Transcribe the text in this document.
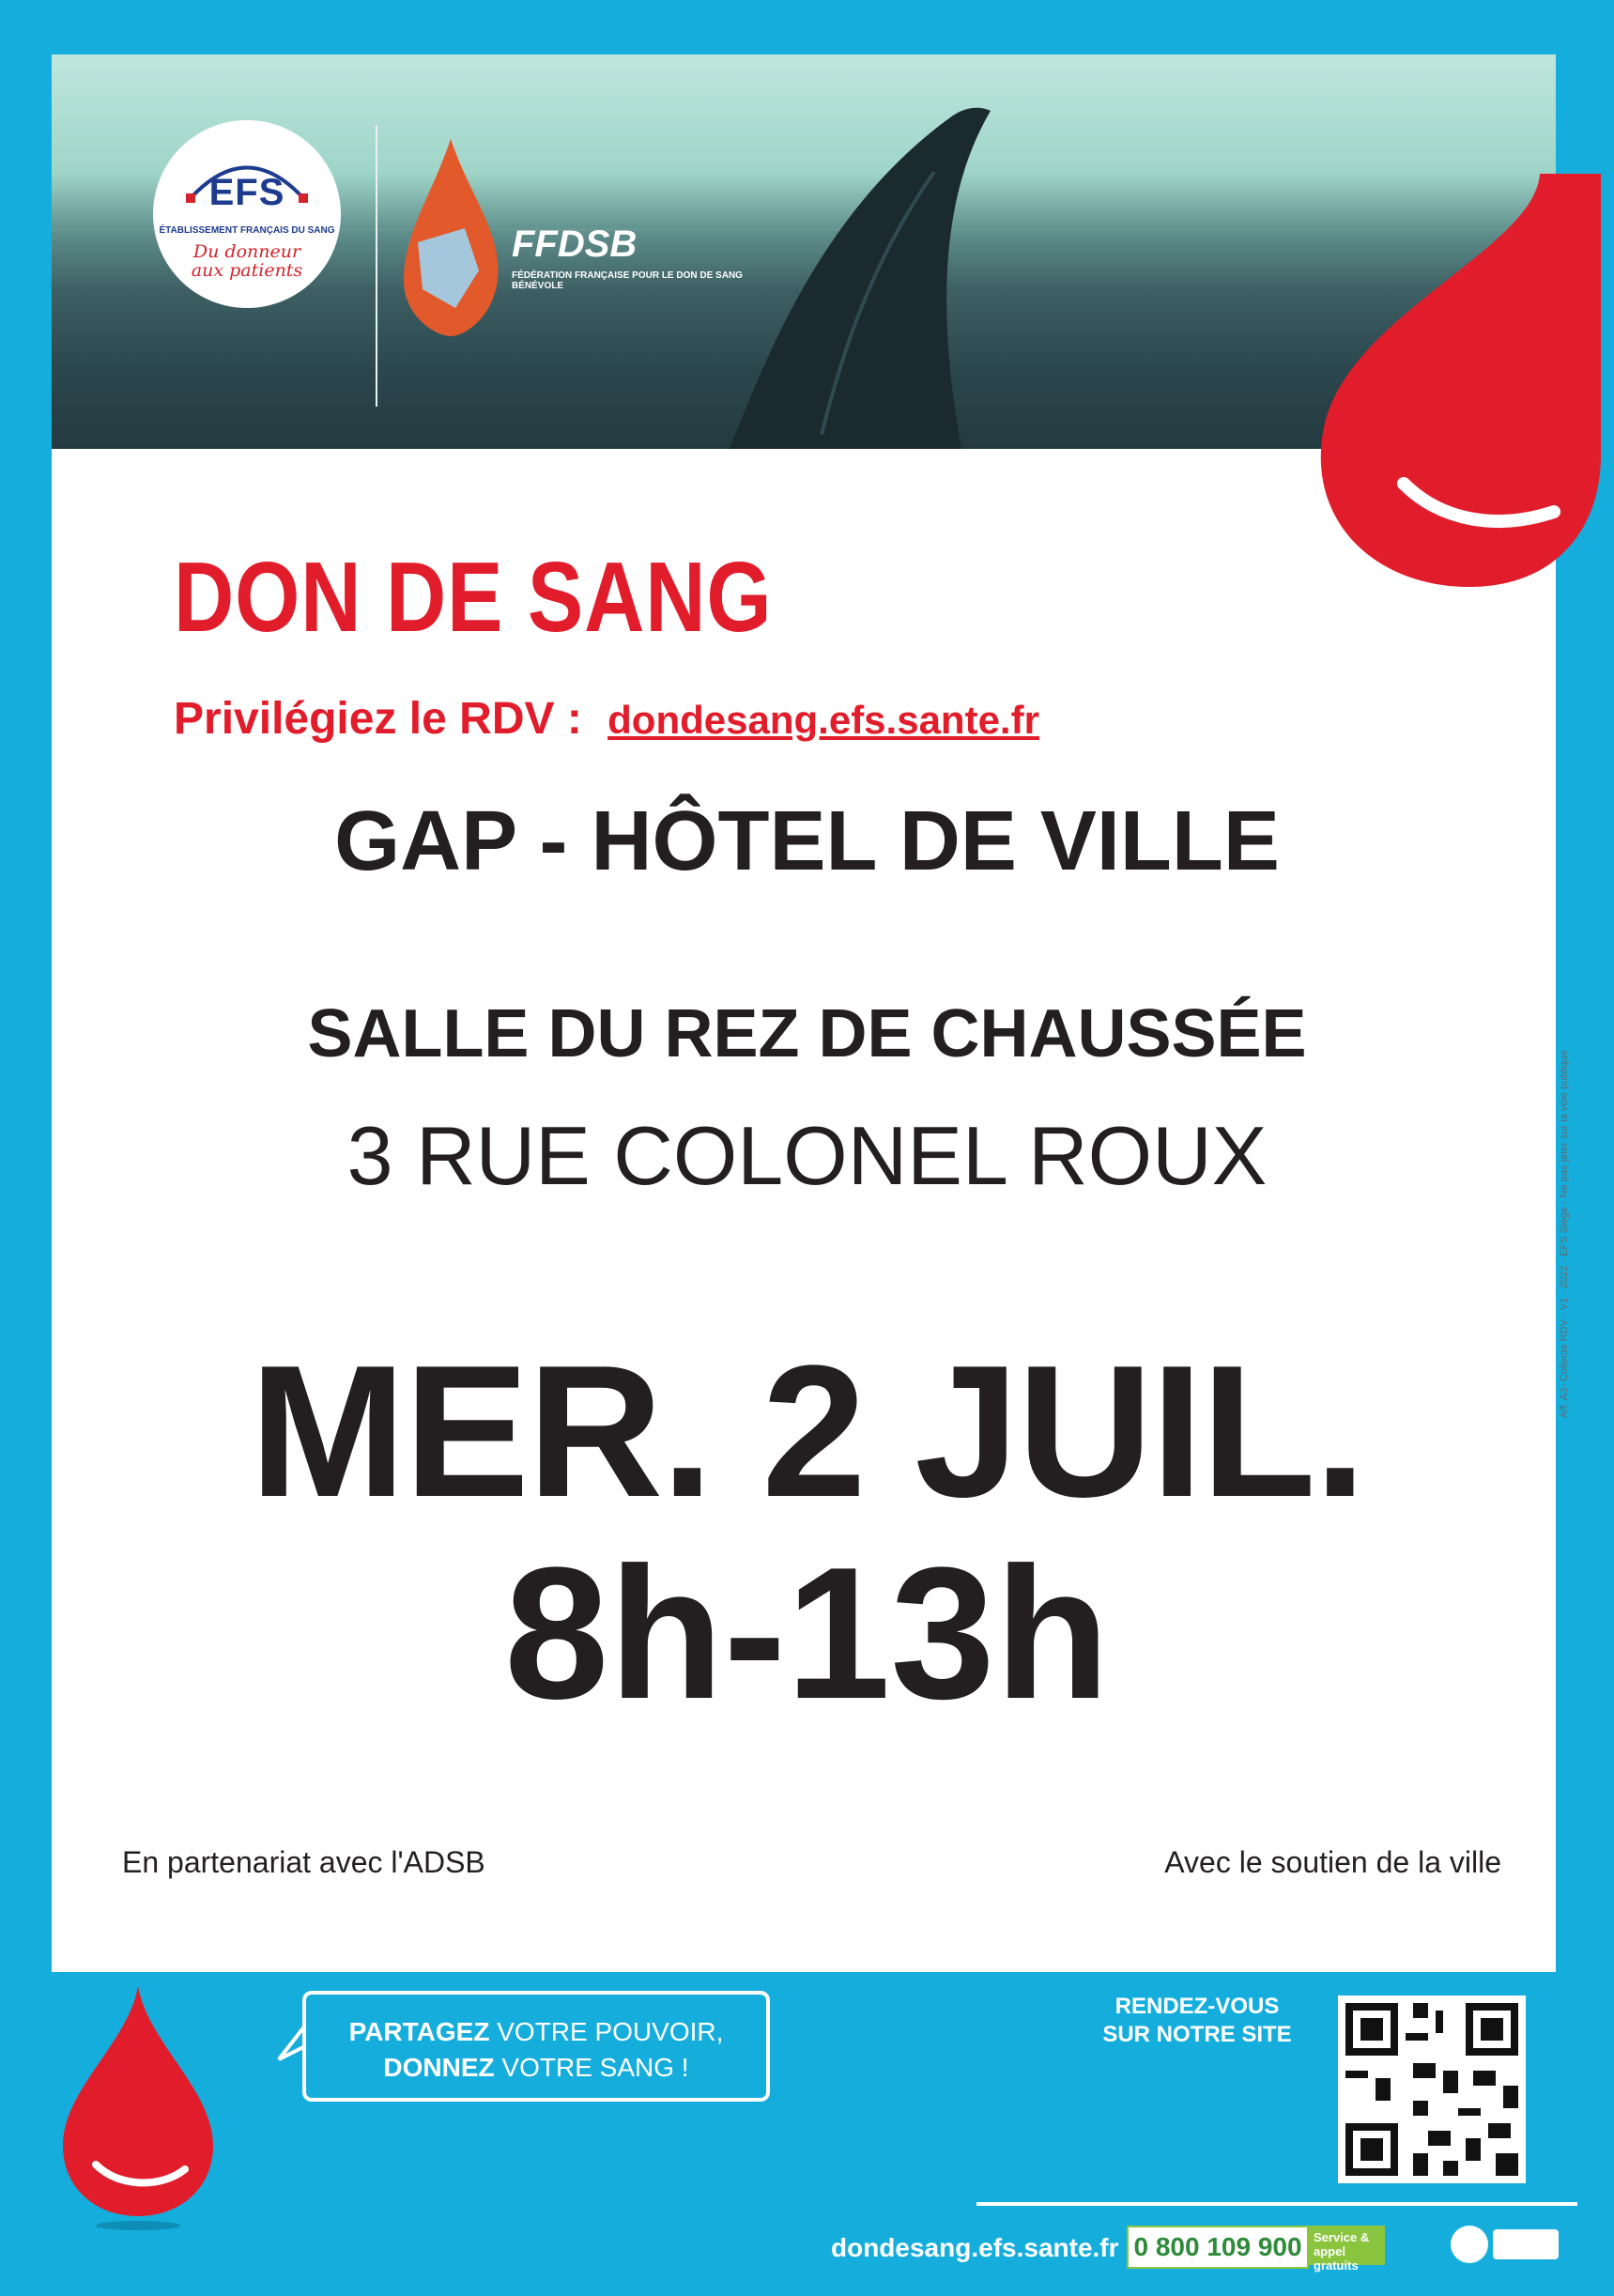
EFS
ÉTABLISSEMENT FRANÇAIS DU SANG
Du donneur
aux patients
FFDSB
FÉDÉRATION FRANÇAISE POUR LE DON DE SANG BÉNÉVOLE
DON DE SANG
Privilégiez le RDV : dondesang.efs.sante.fr
GAP - HÔTEL DE VILLE
SALLE DU REZ DE CHAUSSÉE
3 RUE COLONEL ROUX
MER. 2 JUIL.
8h-13h
En partenariat avec l'ADSB	Avec le soutien de la ville
Aff. A3- Collecte RDV - V1 - 2022 - EFS Siège - Ne pas jeter sur la voie publique
PARTAGEZ VOTRE POUVOIR,
DONNEZ VOTRE SANG !
RENDEZ-VOUS
SUR NOTRE SITE
dondesang.efs.sante.fr 0 800 109 900 Service & appel
gratuits
